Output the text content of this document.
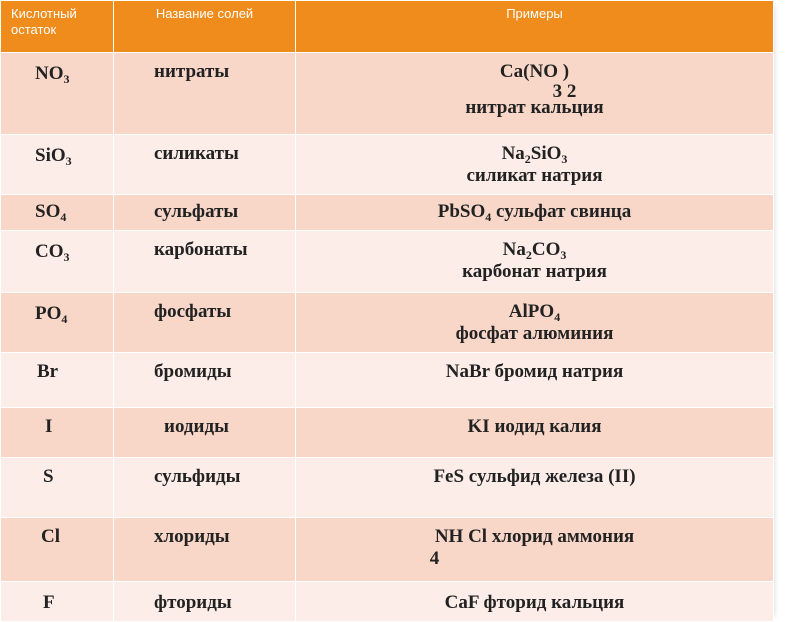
Кислотный остаток	Название солей	Примеры
$NO_3$	нитраты	Ca(NO )
3 2
нитрат кальция

SiO$_3$	силикаты	$Na_2SiO_3$
силикат натрия

$SO_4$	сульфаты	PbSO$_4$ сульфат свинца
$CO_3$	карбонаты	$Na_2CO_3$
карбонат натрия

$PO_4$	фосфаты	AlPO$_4$
фосфат алюминия

Br	бромиды	NaBr бромид натрия
I	иодиды	KI иодид калия
S	сульфиды	FeS сульфид железа (II)
Cl	хлориды	NH Cl хлорид аммония
4

F	фториды	CaF фторид кальция
